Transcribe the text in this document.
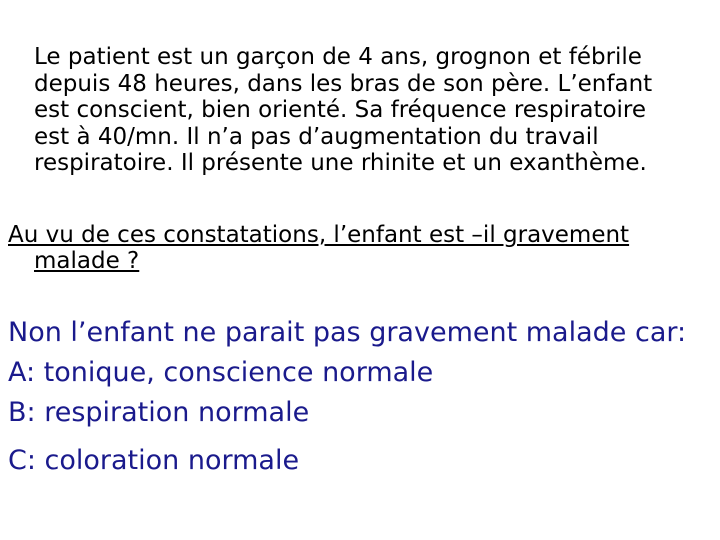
Le patient est un garçon de 4 ans, grognon et fébrile
depuis 48 heures, dans les bras de son père. L’enfant
est conscient, bien orienté. Sa fréquence respiratoire
est à 40/mn. Il n’a pas d’augmentation du travail
respiratoire. Il présente une rhinite et un exanthème.
Au vu de ces constatations, l’enfant est –il gravement
malade ?
Non l’enfant ne parait pas gravement malade car:
A: tonique, conscience normale
B: respiration normale
C: coloration normale
